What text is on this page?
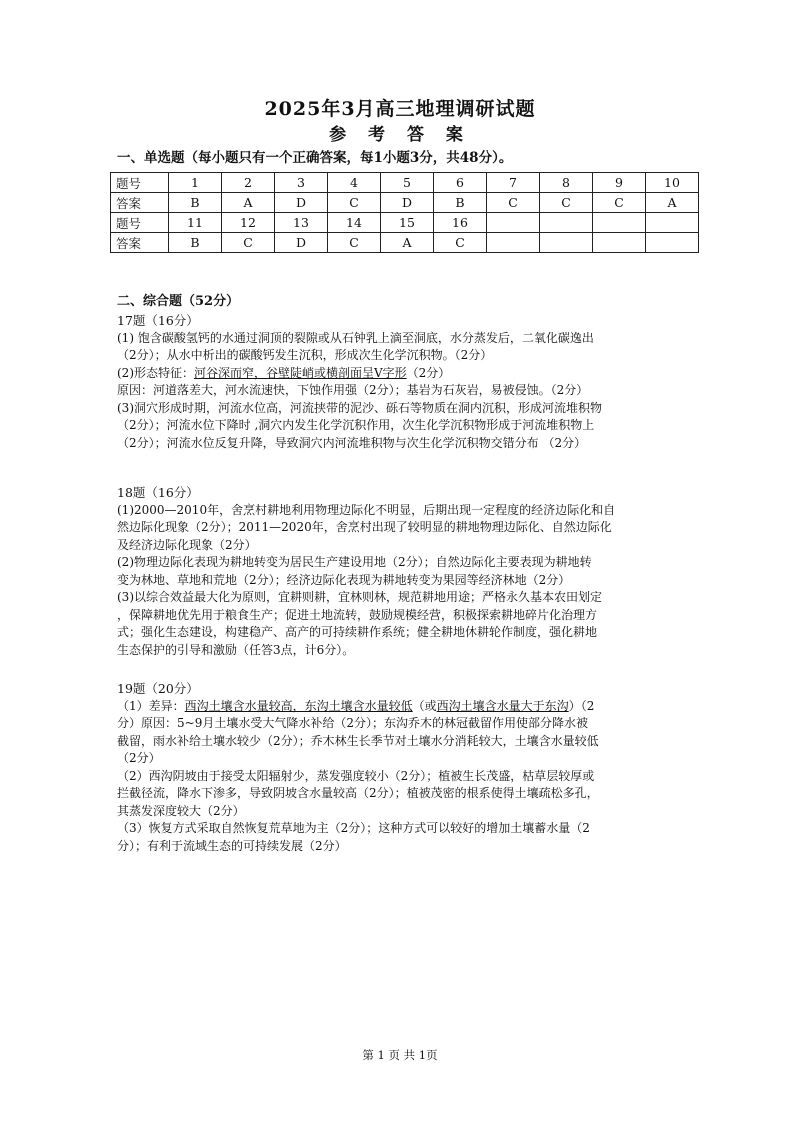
2025年3月高三地理调研试题
参 考 答 案
一、单选题（每小题只有一个正确答案，每1小题3分，共48分）。
题号	1	2	3	4	5	6	7	8	9	10
答案	B	A	D	C	D	B	C	C	C	A
题号	11	12	13	14	15	16				
答案	B	C	D	C	A	C				
二、综合题（52分）

17题（16分）

(1) 饱含碳酸氢钙的水通过洞顶的裂隙或从石钟乳上滴至洞底，水分蒸发后，二氧化碳逸出

（2分）；从水中析出的碳酸钙发生沉积，形成次生化学沉积物。（2分）

(2)形态特征：河谷深而窄，谷壁陡峭或横剖面呈V字形（2分）

原因：河道落差大，河水流速快，下蚀作用强（2分）；基岩为石灰岩，易被侵蚀。（2分）

(3)洞穴形成时期，河流水位高，河流挟带的泥沙、砾石等物质在洞内沉积，形成河流堆积物

（2分）；河流水位下降时 ,洞穴内发生化学沉积作用，次生化学沉积物形成于河流堆积物上

（2分）；河流水位反复升降，导致洞穴内河流堆积物与次生化学沉积物交错分布 （2分）

18题（16分）

(1)2000—2010年，舍烹村耕地利用物理边际化不明显，后期出现一定程度的经济边际化和自

然边际化现象（2分）；2011—2020年，舍烹村出现了较明显的耕地物理边际化、自然边际化

及经济边际化现象（2分）

(2)物理边际化表现为耕地转变为居民生产建设用地（2分）；自然边际化主要表现为耕地转

变为林地、草地和荒地（2分）；经济边际化表现为耕地转变为果园等经济林地（2分）

(3)以综合效益最大化为原则，宜耕则耕，宜林则林，规范耕地用途；严格永久基本农田划定

，保障耕地优先用于粮食生产；促进土地流转，鼓励规模经营，积极探索耕地碎片化治理方

式；强化生态建设，构建稳产、高产的可持续耕作系统；健全耕地休耕轮作制度，强化耕地

生态保护的引导和激励（任答3点，计6分）。

19题（20分）

（1）差异：西沟土壤含水量较高，东沟土壤含水量较低（或西沟土壤含水量大于东沟）（2

分）原因：5~9月土壤水受大气降水补给（2分）；东沟乔木的林冠截留作用使部分降水被

截留，雨水补给土壤水较少（2分）；乔木林生长季节对土壤水分消耗较大，土壤含水量较低

（2分）

（2）西沟阴坡由于接受太阳辐射少，蒸发强度较小（2分）；植被生长茂盛，枯草层较厚或

拦截径流，降水下渗多，导致阴坡含水量较高（2分）；植被茂密的根系使得土壤疏松多孔，

其蒸发深度较大（2分）

（3）恢复方式采取自然恢复荒草地为主（2分）；这种方式可以较好的增加土壤蓄水量（2

分）；有利于流域生态的可持续发展（2分）

第 1 页 共 1页
